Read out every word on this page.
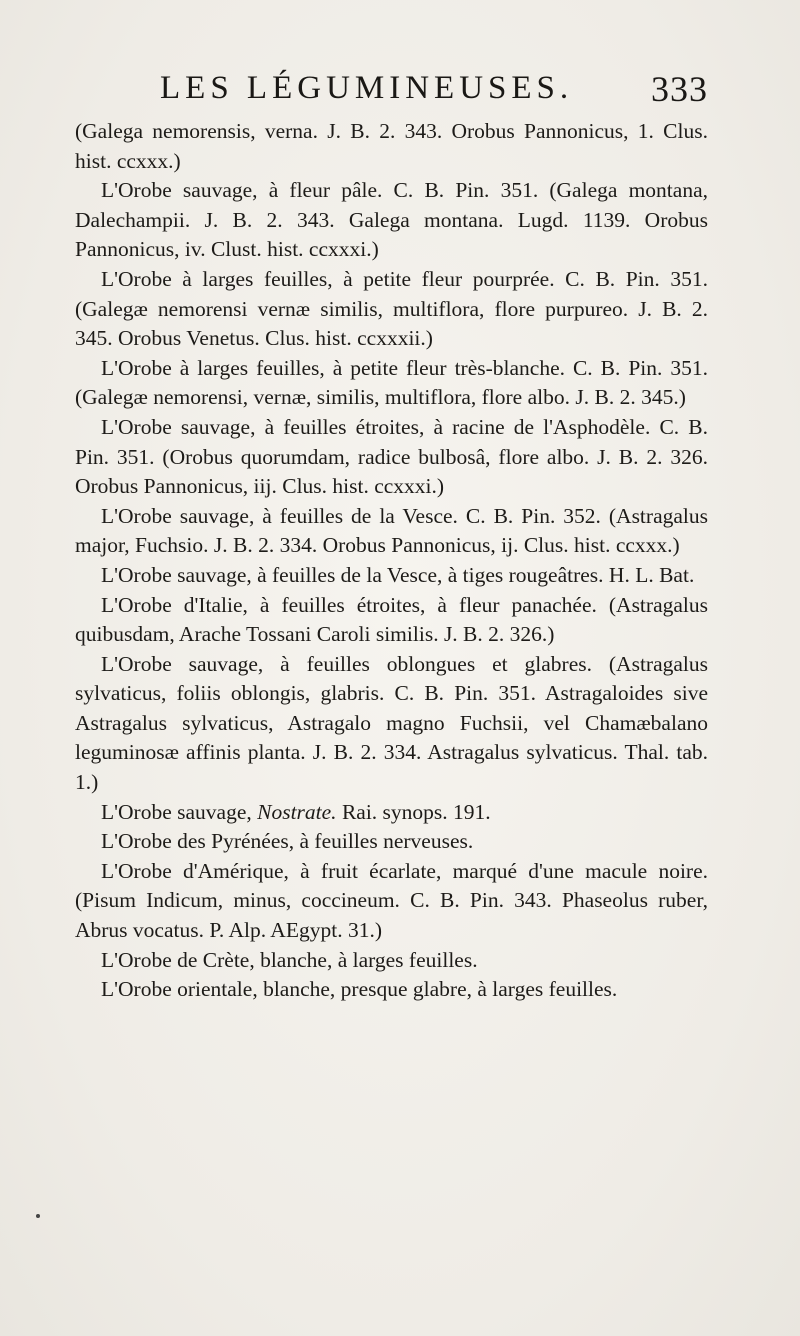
LES LÉGUMINEUSES. 333

(Galega nemorensis, verna. J. B. 2. 343. Orobus Pannonicus, 1. Clus. hist. ccxxx.)

L'Orobe sauvage, à fleur pâle. C. B. Pin. 351. (Galega montana, Dalechampii. J. B. 2. 343. Galega montana. Lugd. 1139. Orobus Pannonicus, iv. Clust. hist. ccxxxi.)

L'Orobe à larges feuilles, à petite fleur pourprée. C. B. Pin. 351. (Galegæ nemorensi vernæ similis, multiflora, flore purpureo. J. B. 2. 345. Orobus Venetus. Clus. hist. ccxxxii.)

L'Orobe à larges feuilles, à petite fleur très-blanche. C. B. Pin. 351. (Galegæ nemorensi, vernæ, similis, multiflora, flore albo. J. B. 2. 345.)

L'Orobe sauvage, à feuilles étroites, à racine de l'Asphodèle. C. B. Pin. 351. (Orobus quorumdam, radice bulbosâ, flore albo. J. B. 2. 326. Orobus Pannonicus, iij. Clus. hist. ccxxxi.)

L'Orobe sauvage, à feuilles de la Vesce. C. B. Pin. 352. (Astragalus major, Fuchsio. J. B. 2. 334. Orobus Pannonicus, ij. Clus. hist. ccxxx.)

L'Orobe sauvage, à feuilles de la Vesce, à tiges rougeâtres. H. L. Bat.

L'Orobe d'Italie, à feuilles étroites, à fleur panachée. (Astragalus quibusdam, Arache Tossani Caroli similis. J. B. 2. 326.)

L'Orobe sauvage, à feuilles oblongues et glabres. (Astragalus sylvaticus, foliis oblongis, glabris. C. B. Pin. 351. Astragaloides sive Astragalus sylvaticus, Astragalo magno Fuchsii, vel Chamæbalano leguminosæ affinis planta. J. B. 2. 334. Astragalus sylvaticus. Thal. tab. 1.)

L'Orobe sauvage, Nostrate. Rai. synops. 191.

L'Orobe des Pyrénées, à feuilles nerveuses.

L'Orobe d'Amérique, à fruit écarlate, marqué d'une macule noire. (Pisum Indicum, minus, coccineum. C. B. Pin. 343. Phaseolus ruber, Abrus vocatus. P. Alp. AEgypt. 31.)

L'Orobe de Crète, blanche, à larges feuilles.

L'Orobe orientale, blanche, presque glabre, à larges feuilles.
